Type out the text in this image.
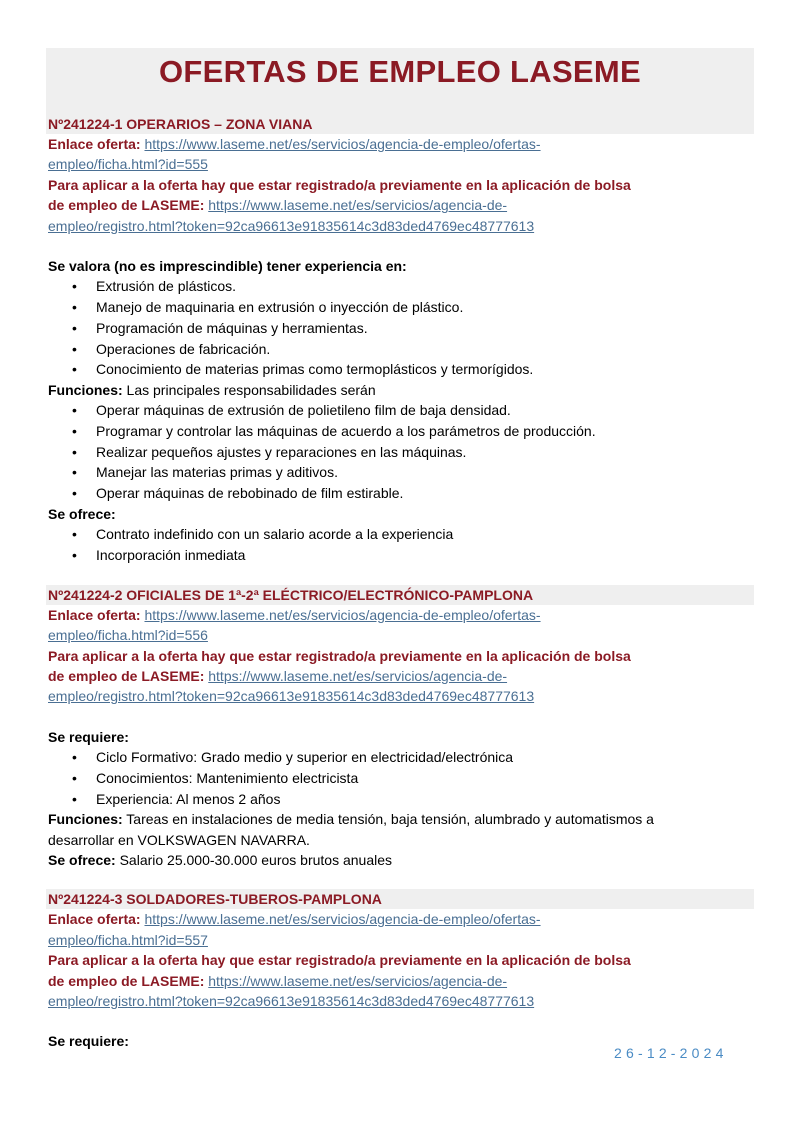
OFERTAS DE EMPLEO LASEME
Nº241224-1 OPERARIOS – ZONA VIANA
Enlace oferta: https://www.laseme.net/es/servicios/agencia-de-empleo/ofertas-
empleo/ficha.html?id=555
Para aplicar a la oferta hay que estar registrado/a previamente en la aplicación de bolsa
de empleo de LASEME: https://www.laseme.net/es/servicios/agencia-de-
empleo/registro.html?token=92ca96613e91835614c3d83ded4769ec48777613
Se valora (no es imprescindible) tener experiencia en:
• Extrusión de plásticos.
• Manejo de maquinaria en extrusión o inyección de plástico.
• Programación de máquinas y herramientas.
• Operaciones de fabricación.
• Conocimiento de materias primas como termoplásticos y termorígidos.
Funciones: Las principales responsabilidades serán
• Operar máquinas de extrusión de polietileno film de baja densidad.
• Programar y controlar las máquinas de acuerdo a los parámetros de producción.
• Realizar pequeños ajustes y reparaciones en las máquinas.
• Manejar las materias primas y aditivos.
• Operar máquinas de rebobinado de film estirable.
Se ofrece:
• Contrato indefinido con un salario acorde a la experiencia
• Incorporación inmediata
Nº241224-2 OFICIALES DE 1ª-2ª ELÉCTRICO/ELECTRÓNICO-PAMPLONA
Enlace oferta: https://www.laseme.net/es/servicios/agencia-de-empleo/ofertas-
empleo/ficha.html?id=556
Para aplicar a la oferta hay que estar registrado/a previamente en la aplicación de bolsa
de empleo de LASEME: https://www.laseme.net/es/servicios/agencia-de-
empleo/registro.html?token=92ca96613e91835614c3d83ded4769ec48777613
Se requiere:
• Ciclo Formativo: Grado medio y superior en electricidad/electrónica
• Conocimientos: Mantenimiento electricista
• Experiencia: Al menos 2 años
Funciones: Tareas en instalaciones de media tensión, baja tensión, alumbrado y automatismos a
desarrollar en VOLKSWAGEN NAVARRA.
Se ofrece: Salario 25.000-30.000 euros brutos anuales
Nº241224-3 SOLDADORES-TUBEROS-PAMPLONA
Enlace oferta: https://www.laseme.net/es/servicios/agencia-de-empleo/ofertas-
empleo/ficha.html?id=557
Para aplicar a la oferta hay que estar registrado/a previamente en la aplicación de bolsa
de empleo de LASEME: https://www.laseme.net/es/servicios/agencia-de-
empleo/registro.html?token=92ca96613e91835614c3d83ded4769ec48777613
Se requiere:
26-12-2024
